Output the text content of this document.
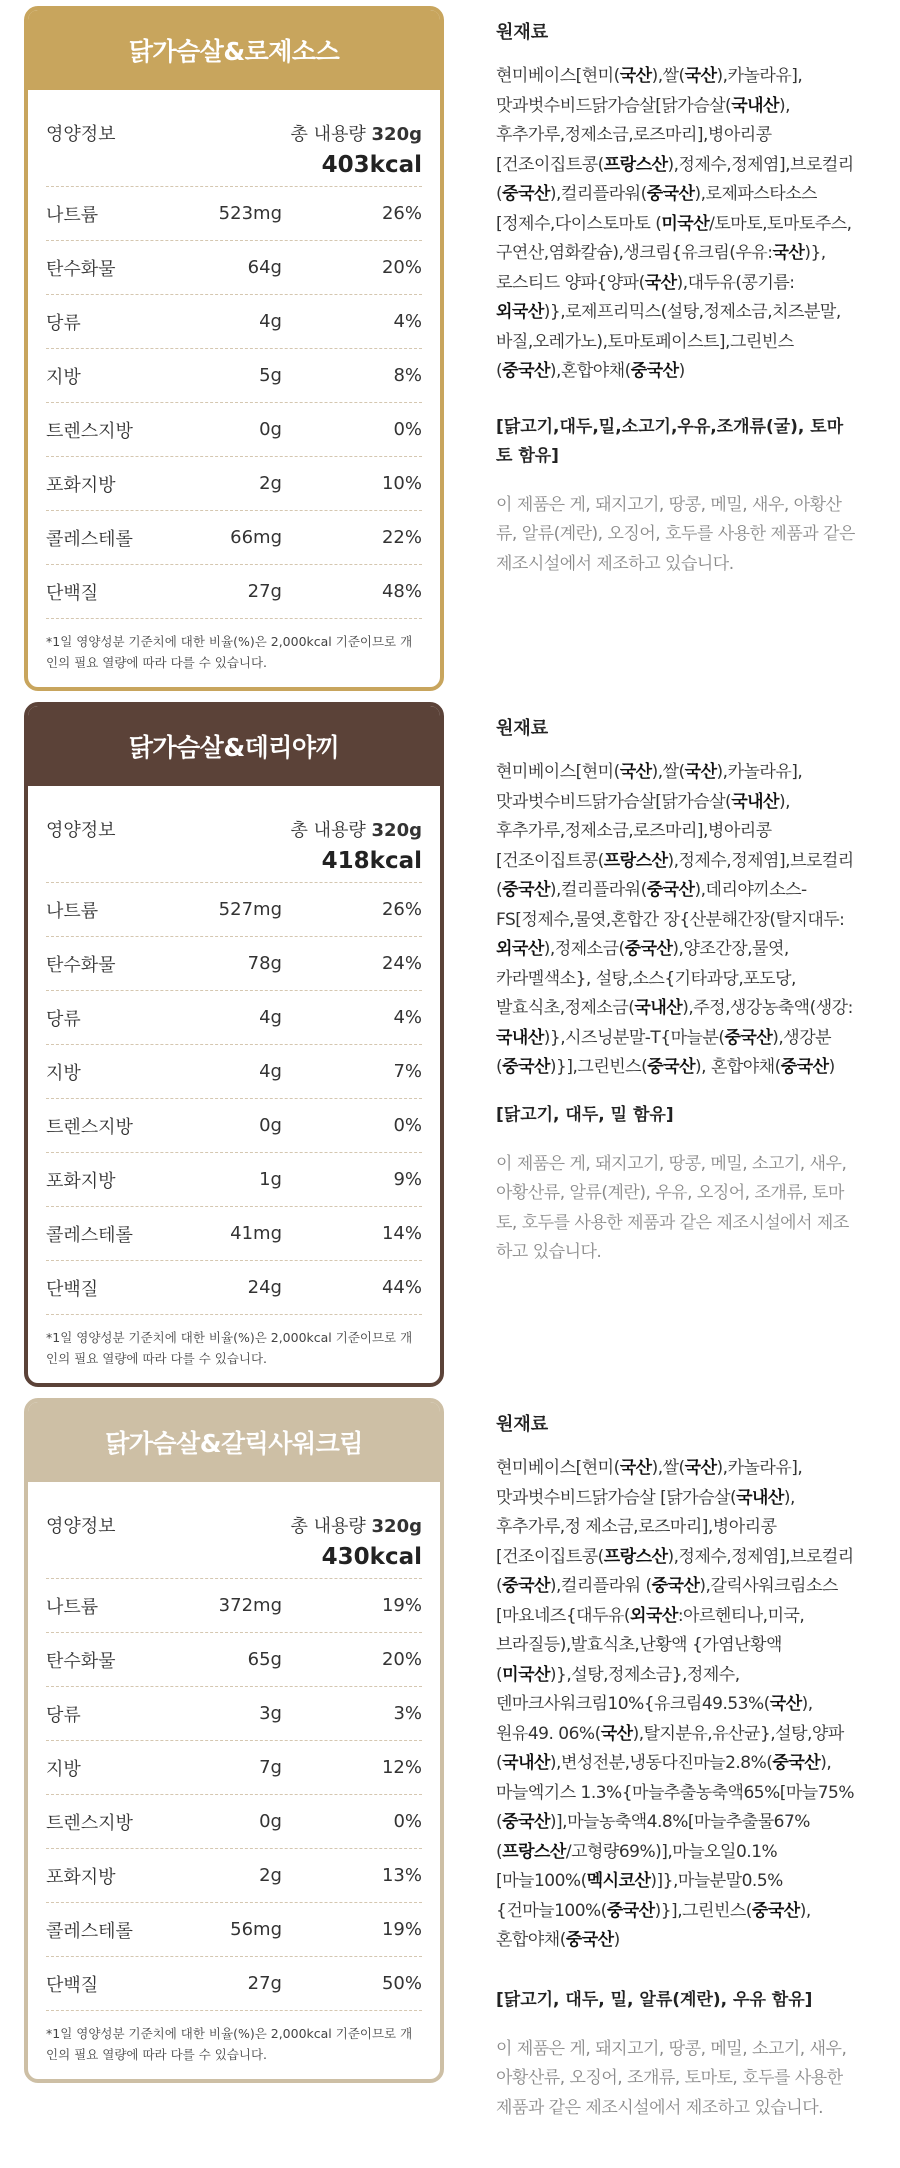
닭가슴살&로제소스
영양정보	총 내용량 320g
403kcal
나트륨	523mg	26%
탄수화물	64g	20%
당류	4g	4%
지방	5g	8%
트렌스지방	0g	0%
포화지방	2g	10%
콜레스테롤	66mg	22%
단백질	27g	48%
*1일 영양성분 기준치에 대한 비율(%)은 2,000kcal 기준이므로 개인의 필요 열량에 따라 다를 수 있습니다.
원재료
현미베이스[현미(국산),쌀(국산),카놀라유],맛과벗수비드닭가슴살[닭가슴살(국내산),후추가루,정제소금,로즈마리],병아리콩[건조이집트콩(프랑스산),정제수,정제염],브로컬리(중국산),컬리플라워(중국산),로제파스타소스[정제수,다이스토마토 (미국산/토마토,토마토주스,구연산,염화칼슘),생크림{유크림(우유:국산)},로스티드 양파{양파(국산),대두유(콩기름:외국산)},로제프리믹스(설탕,정제소금,치즈분말, 바질,오레가노),토마토페이스트],그린빈스(중국산),혼합야채(중국산)
[닭고기,대두,밀,소고기,우유,조개류(굴), 토마토 함유]
이 제품은 게, 돼지고기, 땅콩, 메밀, 새우, 아황산류, 알류(계란), 오징어, 호두를 사용한 제품과 같은 제조시설에서 제조하고 있습니다.
닭가슴살&데리야끼
영양정보	총 내용량 320g
418kcal
나트륨	527mg	26%
탄수화물	78g	24%
당류	4g	4%
지방	4g	7%
트렌스지방	0g	0%
포화지방	1g	9%
콜레스테롤	41mg	14%
단백질	24g	44%
*1일 영양성분 기준치에 대한 비율(%)은 2,000kcal 기준이므로 개인의 필요 열량에 따라 다를 수 있습니다.
원재료
현미베이스[현미(국산),쌀(국산),카놀라유],맛과벗수비드닭가슴살[닭가슴살(국내산),후추가루,정제소금,로즈마리],병아리콩[건조이집트콩(프랑스산),정제수,정제염],브로컬리(중국산),컬리플라워(중국산),데리야끼소스-FS[정제수,물엿,혼합간 장{산분해간장(탈지대두:외국산),정제소금(중국산),양조간장,물엿,카라멜색소}, 설탕,소스{기타과당,포도당,발효식초,정제소금(국내산),주정,생강농축액(생강:국내산)},시즈닝분말-T{마늘분(중국산),생강분(중국산)}],그린빈스(중국산), 혼합야채(중국산)
[닭고기, 대두, 밀 함유]
이 제품은 게, 돼지고기, 땅콩, 메밀, 소고기, 새우, 아황산류, 알류(계란), 우유, 오징어, 조개류, 토마토, 호두를 사용한 제품과 같은 제조시설에서 제조하고 있습니다.
닭가슴살&갈릭사워크림
영양정보	총 내용량 320g
430kcal
나트륨	372mg	19%
탄수화물	65g	20%
당류	3g	3%
지방	7g	12%
트렌스지방	0g	0%
포화지방	2g	13%
콜레스테롤	56mg	19%
단백질	27g	50%
*1일 영양성분 기준치에 대한 비율(%)은 2,000kcal 기준이므로 개인의 필요 열량에 따라 다를 수 있습니다.
원재료
현미베이스[현미(국산),쌀(국산),카놀라유],맛과벗수비드닭가슴살 [닭가슴살(국내산),후추가루,정 제소금,로즈마리],병아리콩[건조이집트콩(프랑스산),정제수,정제염],브로컬리(중국산),컬리플라워 (중국산),갈릭사워크림소스[마요네즈{대두유(외국산:아르헨티나,미국,브라질등),발효식초,난황액 {가염난황액(미국산)},설탕,정제소금},정제수,덴마크사워크림10%{유크림49.53%(국산),원유49. 06%(국산),탈지분유,유산균},설탕,양파(국내산),변성전분,냉동다진마늘2.8%(중국산),마늘엑기스 1.3%{마늘추출농축액65%[마늘75%(중국산)],마늘농축액4.8%[마늘추출물67%(프랑스산/고형량69%)],마늘오일0.1%[마늘100%(멕시코산)]},마늘분말0.5%{건마늘100%(중국산)}],그린빈스(중국산),혼합야채(중국산)
[닭고기, 대두, 밀, 알류(계란), 우유 함유]
이 제품은 게, 돼지고기, 땅콩, 메밀, 소고기, 새우, 아황산류, 오징어, 조개류, 토마토, 호두를 사용한 제품과 같은 제조시설에서 제조하고 있습니다.
